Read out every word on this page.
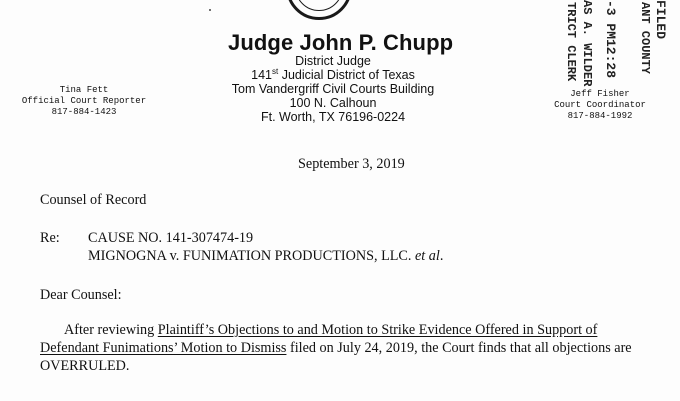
Judge John P. Chupp
District Judge
141st Judicial District of Texas
Tom Vandergriff Civil Courts Building
100 N. Calhoun
Ft. Worth, TX 76196-0224
Tina Fett
Official Court Reporter
817-884-1423
Jeff Fisher
Court Coordinator
817-884-1992
FILED
ANT COUNTY
-3 PM12:28
AS A. WILDER
TRICT CLERK
September 3, 2019
Counsel of Record
Re: CAUSE NO. 141-307474-19
MIGNOGNA v. FUNIMATION PRODUCTIONS, LLC. et al.
Dear Counsel:
After reviewing Plaintiff’s Objections to and Motion to Strike Evidence Offered in Support of
Defendant Funimations’ Motion to Dismiss filed on July 24, 2019, the Court finds that all objections are
OVERRULED.
